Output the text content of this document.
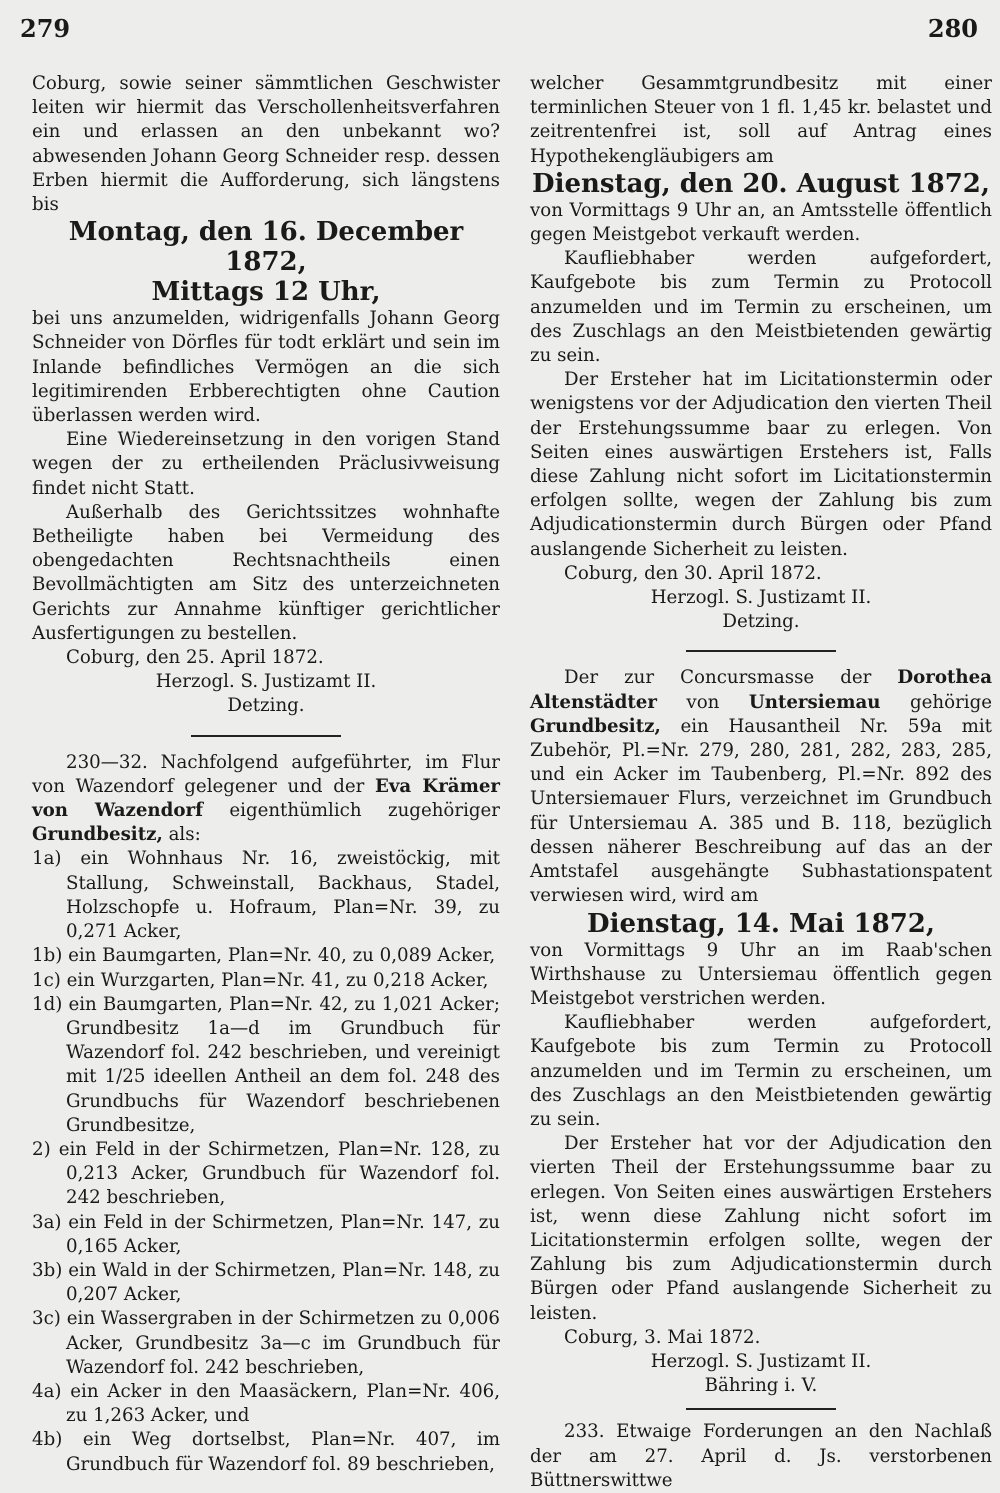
279	280

Coburg, sowie seiner sämmtlichen Geschwister leiten wir hiermit das Verschollenheitsverfahren ein und erlassen an den unbekannt wo? abwesenden Johann Georg Schneider resp. dessen Erben hiermit die Aufforderung, sich längstens bis

Montag, den 16. December 1872,

Mittags 12 Uhr,

bei uns anzumelden, widrigenfalls Johann Georg Schneider von Dörfles für todt erklärt und sein im Inlande befindliches Vermögen an die sich legitimirenden Erbberechtigten ohne Caution überlassen werden wird.

Eine Wiedereinsetzung in den vorigen Stand wegen der zu ertheilenden Präclusivweisung findet nicht Statt.

Außerhalb des Gerichtssitzes wohnhafte Betheiligte haben bei Vermeidung des obengedachten Rechtsnachtheils einen Bevollmächtigten am Sitz des unterzeichneten Gerichts zur Annahme künftiger gerichtlicher Ausfertigungen zu bestellen.

Coburg, den 25. April 1872.

Herzogl. S. Justizamt II.

Detzing.

230—32. Nachfolgend aufgeführter, im Flur von Wazendorf gelegener und der Eva Krämer von Wazendorf eigenthümlich zugehöriger Grundbesitz, als:

1a) ein Wohnhaus Nr. 16, zweistöckig, mit Stallung, Schweinstall, Backhaus, Stadel, Holzschopfe u. Hofraum, Plan=Nr. 39, zu 0,271 Acker,

1b) ein Baumgarten, Plan=Nr. 40, zu 0,089 Acker,

1c) ein Wurzgarten, Plan=Nr. 41, zu 0,218 Acker,

1d) ein Baumgarten, Plan=Nr. 42, zu 1,021 Acker; Grundbesitz 1a—d im Grundbuch für Wazendorf fol. 242 beschrieben, und vereinigt mit 1/25 ideellen Antheil an dem fol. 248 des Grundbuchs für Wazendorf beschriebenen Grundbesitze,

2) ein Feld in der Schirmetzen, Plan=Nr. 128, zu 0,213 Acker, Grundbuch für Wazendorf fol. 242 beschrieben,

3a) ein Feld in der Schirmetzen, Plan=Nr. 147, zu 0,165 Acker,

3b) ein Wald in der Schirmetzen, Plan=Nr. 148, zu 0,207 Acker,

3c) ein Wassergraben in der Schirmetzen zu 0,006 Acker, Grundbesitz 3a—c im Grundbuch für Wazendorf fol. 242 beschrieben,

4a) ein Acker in den Maasäckern, Plan=Nr. 406, zu 1,263 Acker, und

4b) ein Weg dortselbst, Plan=Nr. 407, im Grundbuch für Wazendorf fol. 89 beschrieben,

welcher Gesammtgrundbesitz mit einer terminlichen Steuer von 1 fl. 1,45 kr. belastet und zeitrentenfrei ist, soll auf Antrag eines Hypothekengläubigers am

Dienstag, den 20. August 1872,

von Vormittags 9 Uhr an, an Amtsstelle öffentlich gegen Meistgebot verkauft werden.

Kaufliebhaber werden aufgefordert, Kaufgebote bis zum Termin zu Protocoll anzumelden und im Termin zu erscheinen, um des Zuschlags an den Meistbietenden gewärtig zu sein.

Der Ersteher hat im Licitationstermin oder wenigstens vor der Adjudication den vierten Theil der Erstehungssumme baar zu erlegen. Von Seiten eines auswärtigen Erstehers ist, Falls diese Zahlung nicht sofort im Licitationstermin erfolgen sollte, wegen der Zahlung bis zum Adjudicationstermin durch Bürgen oder Pfand auslangende Sicherheit zu leisten.

Coburg, den 30. April 1872.

Herzogl. S. Justizamt II.

Detzing.

Der zur Concursmasse der Dorothea Altenstädter von Untersiemau gehörige Grundbesitz, ein Hausantheil Nr. 59a mit Zubehör, Pl.=Nr. 279, 280, 281, 282, 283, 285, und ein Acker im Taubenberg, Pl.=Nr. 892 des Untersiemauer Flurs, verzeichnet im Grundbuch für Untersiemau A. 385 und B. 118, bezüglich dessen näherer Beschreibung auf das an der Amtstafel ausgehängte Subhastationspatent verwiesen wird, wird am

Dienstag, 14. Mai 1872,

von Vormittags 9 Uhr an im Raab'schen Wirthshause zu Untersiemau öffentlich gegen Meistgebot verstrichen werden.

Kaufliebhaber werden aufgefordert, Kaufgebote bis zum Termin zu Protocoll anzumelden und im Termin zu erscheinen, um des Zuschlags an den Meistbietenden gewärtig zu sein.

Der Ersteher hat vor der Adjudication den vierten Theil der Erstehungssumme baar zu erlegen. Von Seiten eines auswärtigen Erstehers ist, wenn diese Zahlung nicht sofort im Licitationstermin erfolgen sollte, wegen der Zahlung bis zum Adjudicationstermin durch Bürgen oder Pfand auslangende Sicherheit zu leisten.

Coburg, 3. Mai 1872.

Herzogl. S. Justizamt II.

Bähring i. V.

233. Etwaige Forderungen an den Nachlaß der am 27. April d. Js. verstorbenen Büttnerswittwe
